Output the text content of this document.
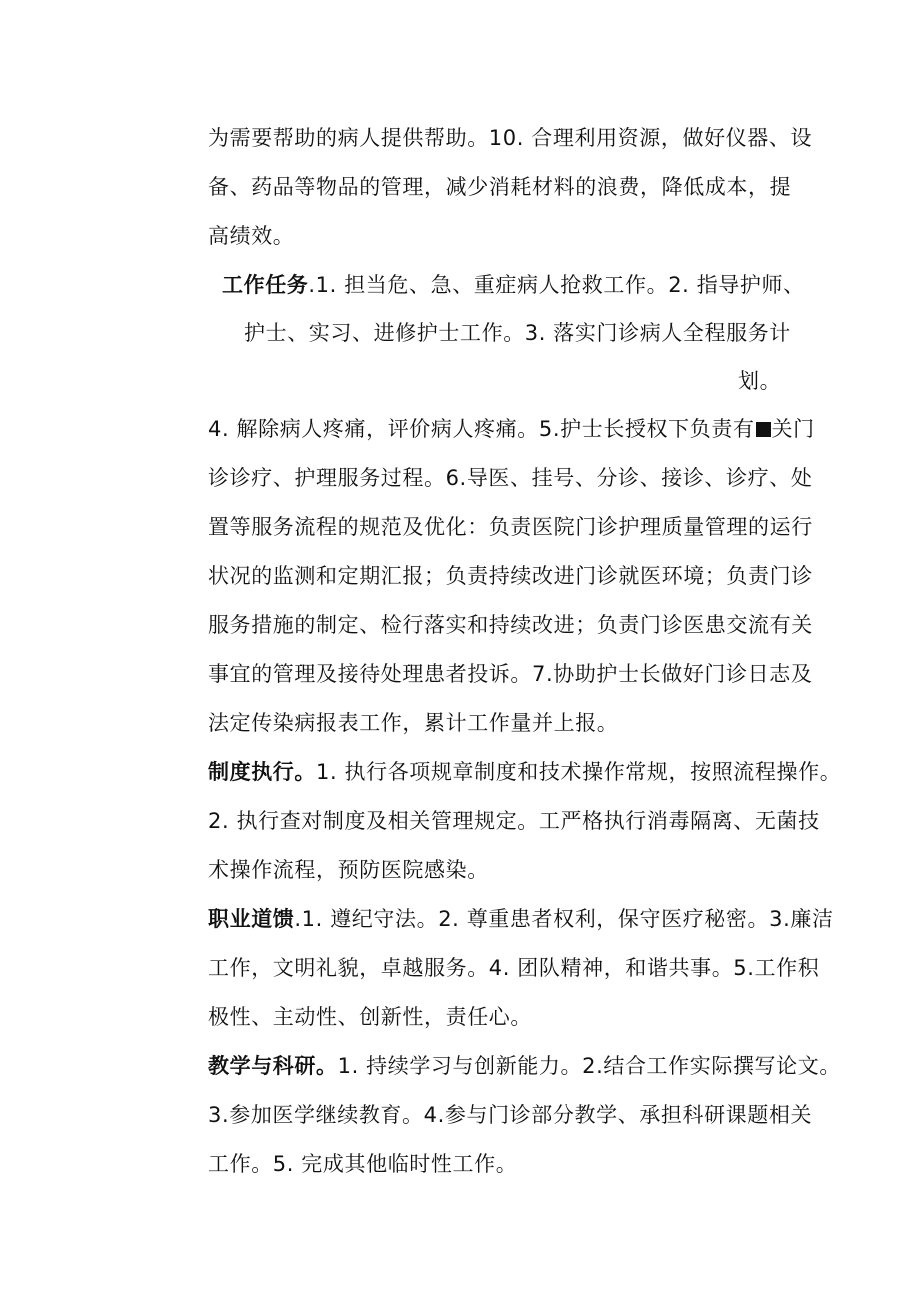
为需要帮助的病人提供帮助。10. 合理利用资源，做好仪器、设
备、药品等物品的管理，减少消耗材料的浪费，降低成本，提
高绩效。
工作任务.1. 担当危、急、重症病人抢救工作。2. 指导护师、
护士、实习、进修护士工作。3. 落实门诊病人全程服务计
划。
4. 解除病人疼痛，评价病人疼痛。5.护士长授权下负责有 关门
诊诊疗、护理服务过程。6.导医、挂号、分诊、接诊、诊疗、处
置等服务流程的规范及优化：负责医院门诊护理质量管理的运行
状况的监测和定期汇报；负责持续改进门诊就医环境；负责门诊
服务措施的制定、检行落实和持续改进；负责门诊医患交流有关
事宜的管理及接待处理患者投诉。7.协助护士长做好门诊日志及
法定传染病报表工作，累计工作量并上报。
制度执行。1. 执行各项规章制度和技术操作常规，按照流程操作。
2. 执行查对制度及相关管理规定。工严格执行消毒隔离、无菌技
术操作流程，预防医院感染。
职业道馈.1. 遵纪守法。2. 尊重患者权利，保守医疗秘密。3.廉洁
工作，文明礼貌，卓越服务。4. 团队精神，和谐共事。5.工作积
极性、主动性、创新性，责任心。
教学与科研。1. 持续学习与创新能力。2.结合工作实际撰写论文。
3.参加医学继续教育。4.参与门诊部分教学、承担科研课题相关
工作。5. 完成其他临时性工作。
